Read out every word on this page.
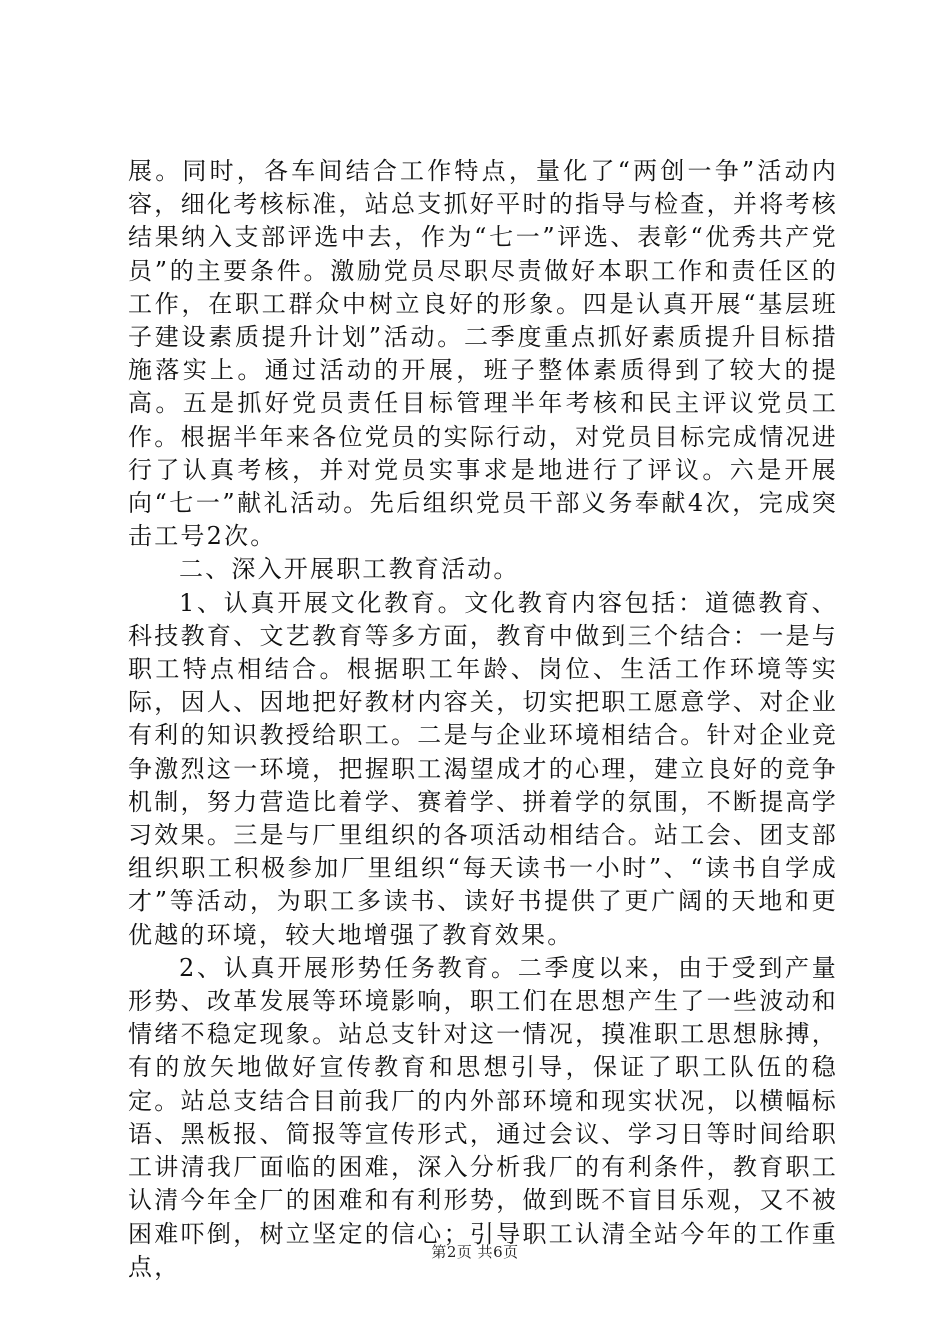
展。同时，各车间结合工作特点，量化了“两创一争”活动内容，细化考核标准，站总支抓好平时的指导与检查，并将考核结果纳入支部评选中去，作为“七一”评选、表彰“优秀共产党员”的主要条件。激励党员尽职尽责做好本职工作和责任区的工作，在职工群众中树立良好的形象。四是认真开展“基层班子建设素质提升计划”活动。二季度重点抓好素质提升目标措施落实上。通过活动的开展，班子整体素质得到了较大的提高。五是抓好党员责任目标管理半年考核和民主评议党员工作。根据半年来各位党员的实际行动，对党员目标完成情况进行了认真考核，并对党员实事求是地进行了评议。六是开展向“七一”献礼活动。先后组织党员干部义务奉献4次，完成突击工号2次。

二、深入开展职工教育活动。

1、认真开展文化教育。文化教育内容包括：道德教育、科技教育、文艺教育等多方面，教育中做到三个结合：一是与职工特点相结合。根据职工年龄、岗位、生活工作环境等实际，因人、因地把好教材内容关，切实把职工愿意学、对企业有利的知识教授给职工。二是与企业环境相结合。针对企业竞争激烈这一环境，把握职工渴望成才的心理，建立良好的竞争机制，努力营造比着学、赛着学、拼着学的氛围，不断提高学习效果。三是与厂里组织的各项活动相结合。站工会、团支部组织职工积极参加厂里组织“每天读书一小时”、“读书自学成才”等活动，为职工多读书、读好书提供了更广阔的天地和更优越的环境，较大地增强了教育效果。

2、认真开展形势任务教育。二季度以来，由于受到产量形势、改革发展等环境影响，职工们在思想产生了一些波动和情绪不稳定现象。站总支针对这一情况，摸准职工思想脉搏，有的放矢地做好宣传教育和思想引导，保证了职工队伍的稳定。站总支结合目前我厂的内外部环境和现实状况，以横幅标语、黑板报、简报等宣传形式，通过会议、学习日等时间给职工讲清我厂面临的困难，深入分析我厂的有利条件，教育职工认清今年全厂的困难和有利形势，做到既不盲目乐观，又不被困难吓倒，树立坚定的信心；引导职工认清全站今年的工作重点，

第2页 共6页
